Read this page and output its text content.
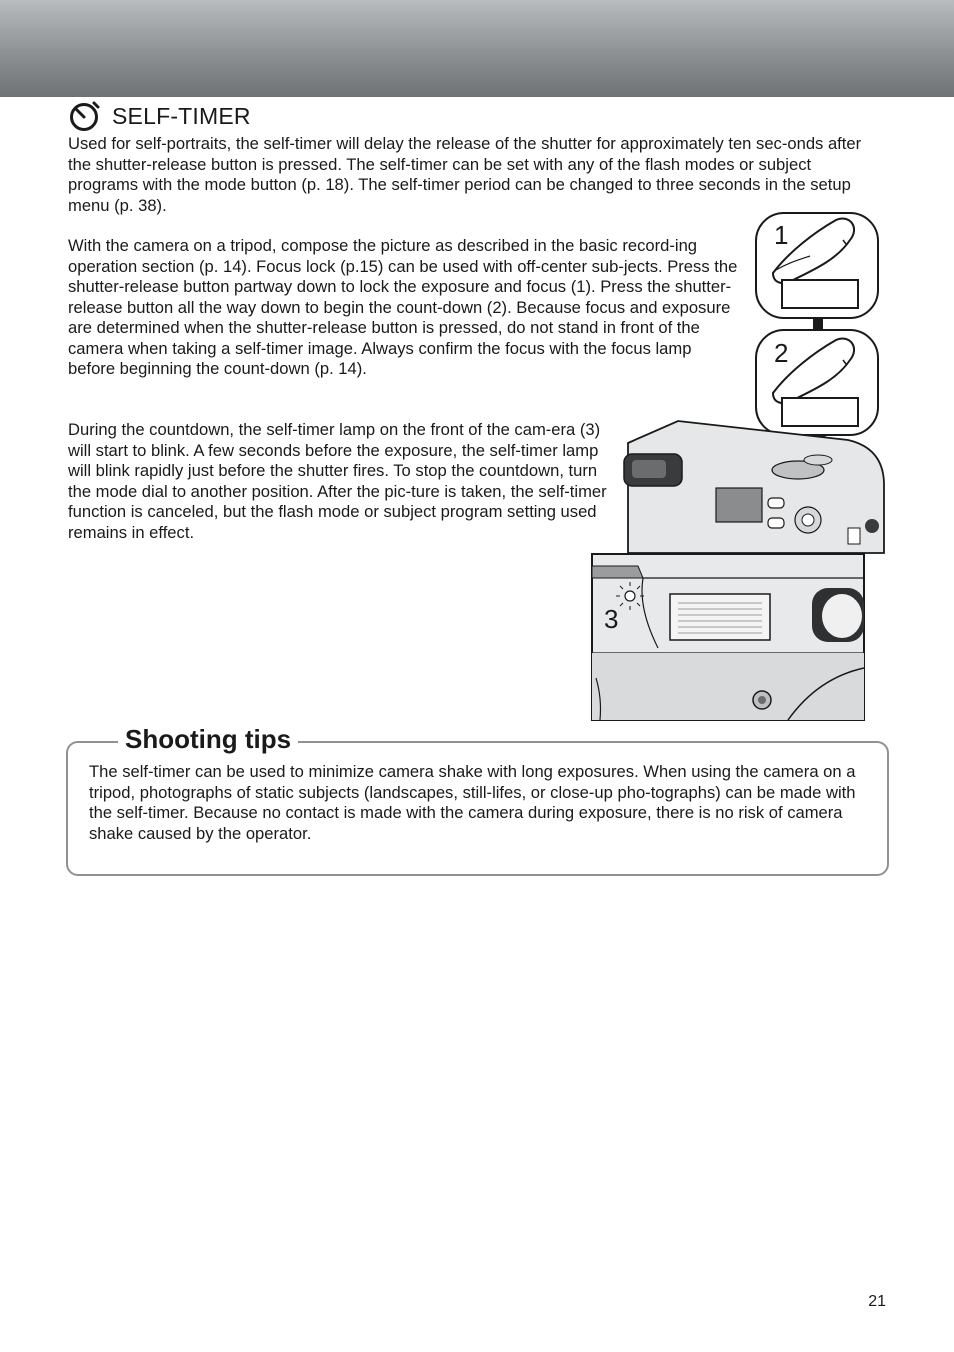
SELF-TIMER

Used for self-portraits, the self-timer will delay the release of the shutter for approximately ten sec-onds after the shutter-release button is pressed. The self-timer can be set with any of the flash modes or subject programs with the mode button (p. 18). The self-timer period can be changed to three seconds in the setup menu (p. 38).

With the camera on a tripod, compose the picture as described in the basic record-ing operation section (p. 14). Focus lock (p.15) can be used with off-center sub-jects. Press the shutter-release button partway down to lock the exposure and focus (1). Press the shutter-release button all the way down to begin the count-down (2). Because focus and exposure are determined when the shutter-release button is pressed, do not stand in front of the camera when taking a self-timer image. Always confirm the focus with the focus lamp before beginning the count-down (p. 14).

During the countdown, the self-timer lamp on the front of the cam-era (3) will start to blink. A few seconds before the exposure, the self-timer lamp will blink rapidly just before the shutter fires. To stop the countdown, turn the mode dial to another position. After the pic-ture is taken, the self-timer function is canceled, but the flash mode or subject program setting used remains in effect.

1
2
3
Shooting tips

The self-timer can be used to minimize camera shake with long exposures. When using the camera on a tripod, photographs of static subjects (landscapes, still-lifes, or close-up pho-tographs) can be made with the self-timer. Because no contact is made with the camera during exposure, there is no risk of camera shake caused by the operator.

21
